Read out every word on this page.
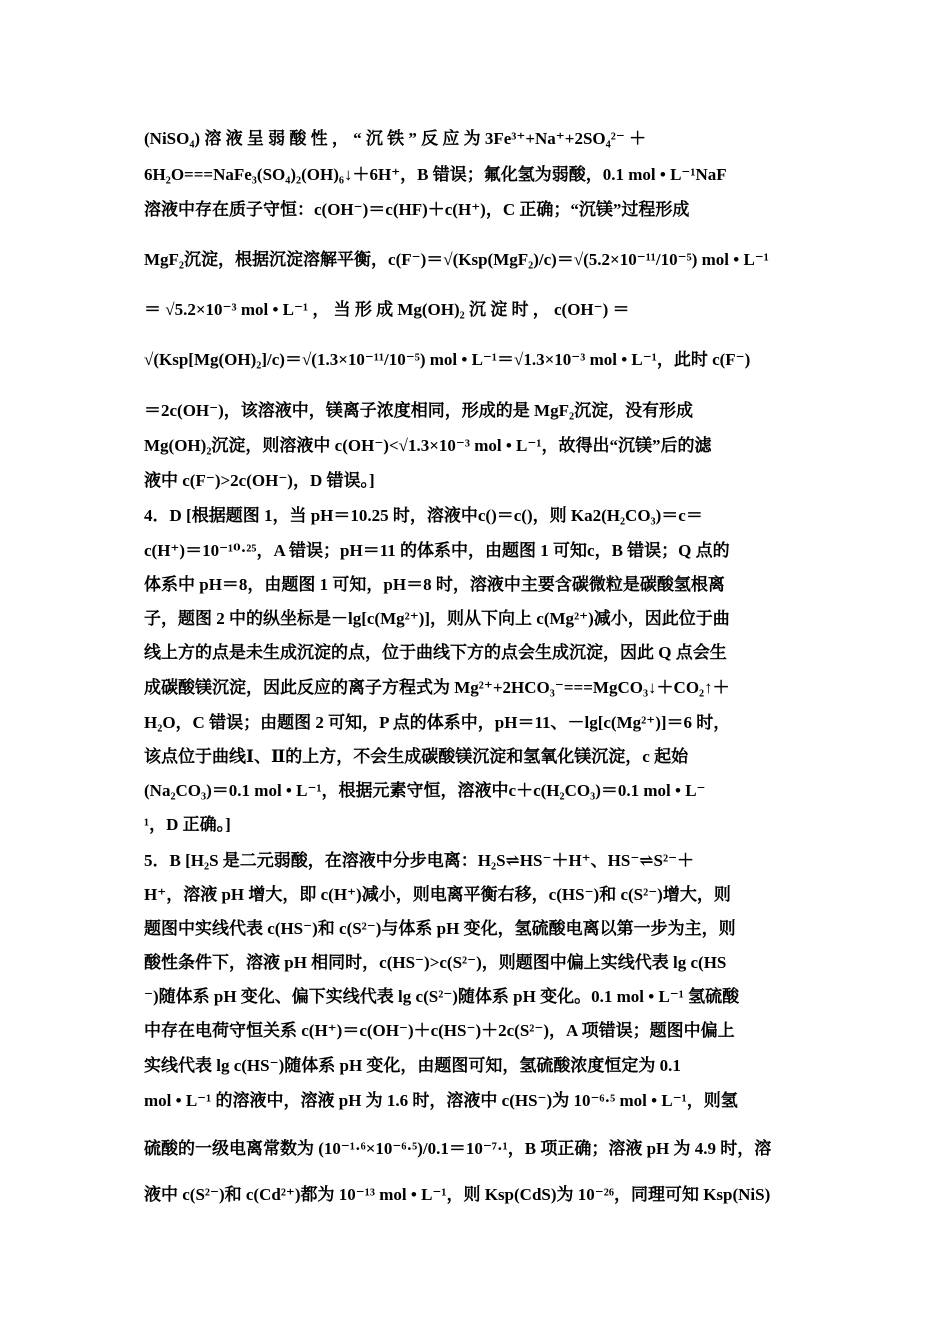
(NiSO₄) 溶 液 呈 弱 酸 性 ， “ 沉 铁 ” 反 应 为 3Fe³⁺+Na⁺+2SO₄²⁻ ＋
6H₂O===NaFe₃(SO₄)₂(OH)₆↓＋6H⁺，B 错误；氟化氢为弱酸，0.1 mol • L⁻¹NaF
溶液中存在质子守恒：c(OH⁻)＝c(HF)＋c(H⁺)，C 正确；“沉镁”过程形成
MgF₂沉淀，根据沉淀溶解平衡，c(F⁻)＝√(Ksp(MgF₂)/c)＝√(5.2×10⁻¹¹/10⁻⁵) mol • L⁻¹
＝ √5.2×10⁻³ mol • L⁻¹ ， 当 形 成 Mg(OH)₂ 沉 淀 时 ， c(OH⁻) ＝
√(Ksp[Mg(OH)₂]/c)＝√(1.3×10⁻¹¹/10⁻⁵) mol • L⁻¹＝√1.3×10⁻³ mol • L⁻¹，此时 c(F⁻)
＝2c(OH⁻)，该溶液中，镁离子浓度相同，形成的是 MgF₂沉淀，没有形成
Mg(OH)₂沉淀，则溶液中 c(OH⁻)<√1.3×10⁻³ mol • L⁻¹，故得出“沉镁”后的滤
液中 c(F⁻)>2c(OH⁻)，D 错误。]
4．D [根据题图 1，当 pH＝10.25 时，溶液中c()＝c()，则 Ka2(H₂CO₃)＝c＝
c(H⁺)＝10⁻¹⁰·²⁵，A 错误；pH＝11 的体系中，由题图 1 可知c，B 错误；Q 点的
体系中 pH＝8，由题图 1 可知，pH＝8 时，溶液中主要含碳微粒是碳酸氢根离
子，题图 2 中的纵坐标是－lg[c(Mg²⁺)]，则从下向上 c(Mg²⁺)减小，因此位于曲
线上方的点是未生成沉淀的点，位于曲线下方的点会生成沉淀，因此 Q 点会生
成碳酸镁沉淀，因此反应的离子方程式为 Mg²⁺+2HCO₃⁻===MgCO₃↓＋CO₂↑＋
H₂O，C 错误；由题图 2 可知，P 点的体系中，pH＝11、－lg[c(Mg²⁺)]＝6 时，
该点位于曲线Ⅰ、Ⅱ的上方，不会生成碳酸镁沉淀和氢氧化镁沉淀，c 起始
(Na₂CO₃)＝0.1 mol • L⁻¹，根据元素守恒，溶液中c＋c(H₂CO₃)＝0.1 mol • L⁻
¹，D 正确。]
5．B [H₂S 是二元弱酸，在溶液中分步电离：H₂S⇌HS⁻＋H⁺、HS⁻⇌S²⁻＋
H⁺，溶液 pH 增大，即 c(H⁺)减小，则电离平衡右移，c(HS⁻)和 c(S²⁻)增大，则
题图中实线代表 c(HS⁻)和 c(S²⁻)与体系 pH 变化，氢硫酸电离以第一步为主，则
酸性条件下，溶液 pH 相同时，c(HS⁻)>c(S²⁻)，则题图中偏上实线代表 lg c(HS
⁻)随体系 pH 变化、偏下实线代表 lg c(S²⁻)随体系 pH 变化。0.1 mol • L⁻¹ 氢硫酸
中存在电荷守恒关系 c(H⁺)＝c(OH⁻)＋c(HS⁻)＋2c(S²⁻)，A 项错误；题图中偏上
实线代表 lg c(HS⁻)随体系 pH 变化，由题图可知，氢硫酸浓度恒定为 0.1
mol • L⁻¹ 的溶液中，溶液 pH 为 1.6 时，溶液中 c(HS⁻)为 10⁻⁶·⁵ mol • L⁻¹，则氢
硫酸的一级电离常数为 (10⁻¹·⁶×10⁻⁶·⁵)/0.1＝10⁻⁷·¹，B 项正确；溶液 pH 为 4.9 时，溶
液中 c(S²⁻)和 c(Cd²⁺)都为 10⁻¹³ mol • L⁻¹，则 Ksp(CdS)为 10⁻²⁶，同理可知 Ksp(NiS)
